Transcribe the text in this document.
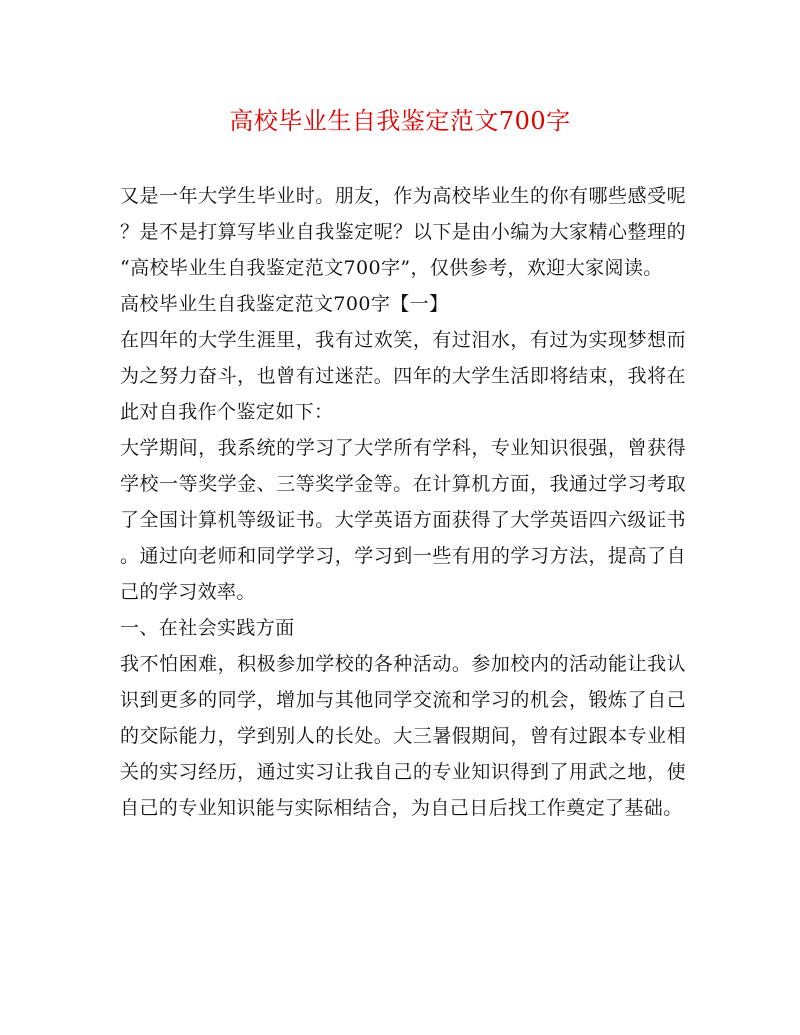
高校毕业生自我鉴定范文700字

又是一年大学生毕业时。朋友，作为高校毕业生的你有哪些感受呢？是不是打算写毕业自我鉴定呢？以下是由小编为大家精心整理的“高校毕业生自我鉴定范文700字”，仅供参考，欢迎大家阅读。

高校毕业生自我鉴定范文700字【一】

在四年的大学生涯里，我有过欢笑，有过泪水，有过为实现梦想而为之努力奋斗，也曾有过迷茫。四年的大学生活即将结束，我将在此对自我作个鉴定如下：

大学期间，我系统的学习了大学所有学科，专业知识很强，曾获得学校一等奖学金、三等奖学金等。在计算机方面，我通过学习考取了全国计算机等级证书。大学英语方面获得了大学英语四六级证书。通过向老师和同学学习，学习到一些有用的学习方法，提高了自己的学习效率。

一、在社会实践方面

我不怕困难，积极参加学校的各种活动。参加校内的活动能让我认识到更多的同学，增加与其他同学交流和学习的机会，锻炼了自己的交际能力，学到别人的长处。大三暑假期间，曾有过跟本专业相关的实习经历，通过实习让我自己的专业知识得到了用武之地，使自己的专业知识能与实际相结合，为自己日后找工作奠定了基础。
